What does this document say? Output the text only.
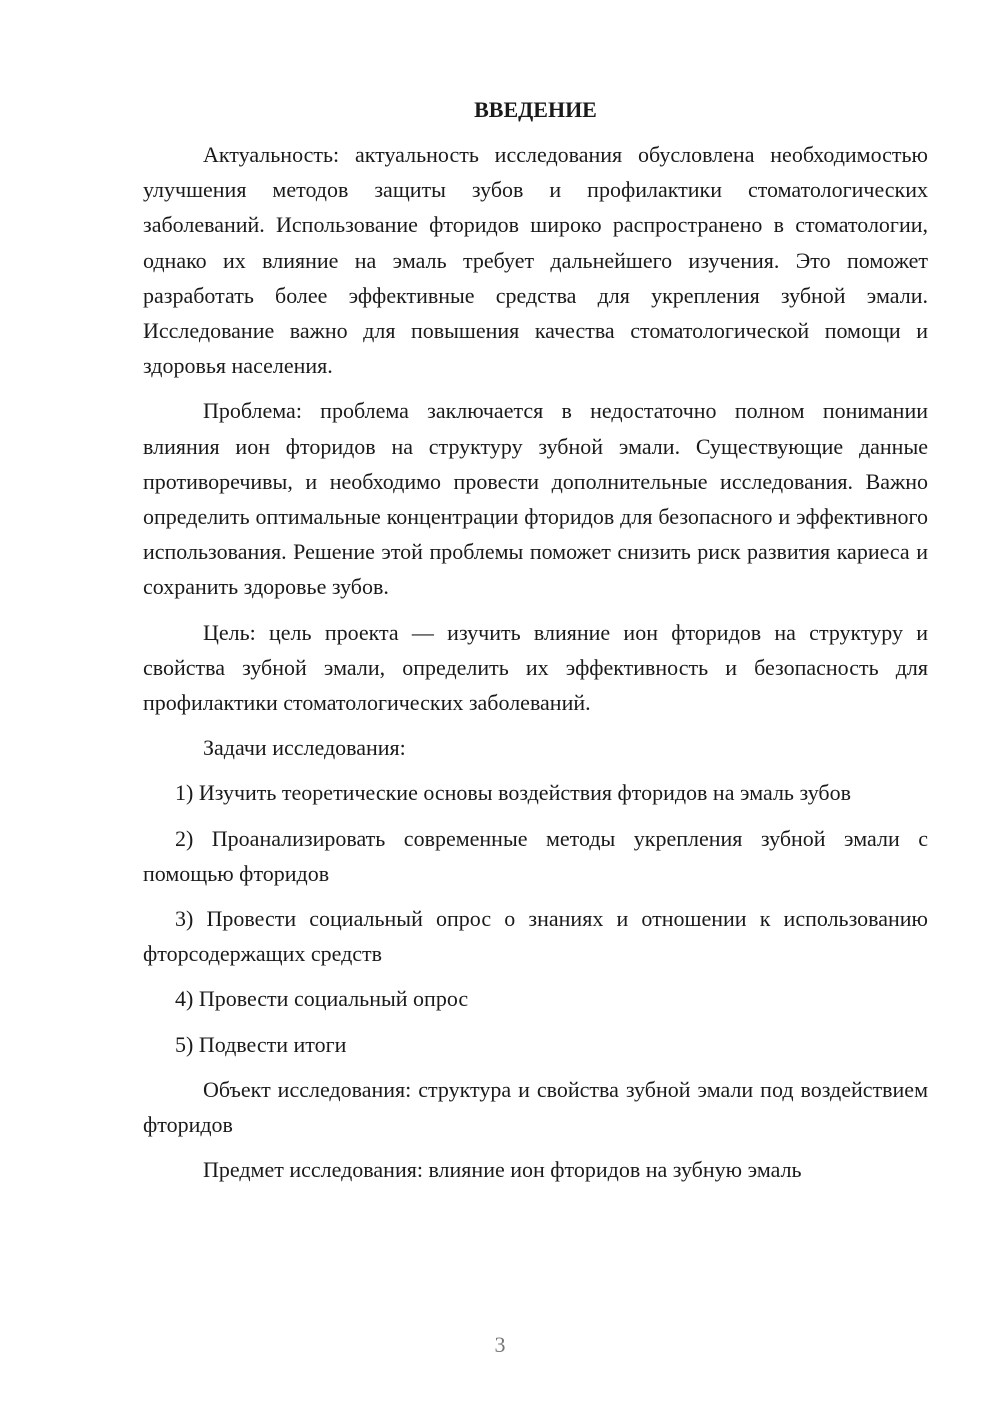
ВВЕДЕНИЕ

Актуальность: актуальность исследования обусловлена необходимостью улучшения методов защиты зубов и профилактики стоматологических заболеваний. Использование фторидов широко распространено в стоматологии, однако их влияние на эмаль требует дальнейшего изучения. Это поможет разработать более эффективные средства для укрепления зубной эмали. Исследование важно для повышения качества стоматологической помощи и здоровья населения.

Проблема: проблема заключается в недостаточно полном понимании влияния ион фторидов на структуру зубной эмали. Существующие данные противоречивы, и необходимо провести дополнительные исследования. Важно определить оптимальные концентрации фторидов для безопасного и эффективного использования. Решение этой проблемы поможет снизить риск развития кариеса и сохранить здоровье зубов.

Цель: цель проекта — изучить влияние ион фторидов на структуру и свойства зубной эмали, определить их эффективность и безопасность для профилактики стоматологических заболеваний.

Задачи исследования:

1) Изучить теоретические основы воздействия фторидов на эмаль зубов

2) Проанализировать современные методы укрепления зубной эмали с помощью фторидов

3) Провести социальный опрос о знаниях и отношении к использованию фторсодержащих средств

4) Провести социальный опрос

5) Подвести итоги

Объект исследования: структура и свойства зубной эмали под воздействием фторидов

Предмет исследования: влияние ион фторидов на зубную эмаль

3
